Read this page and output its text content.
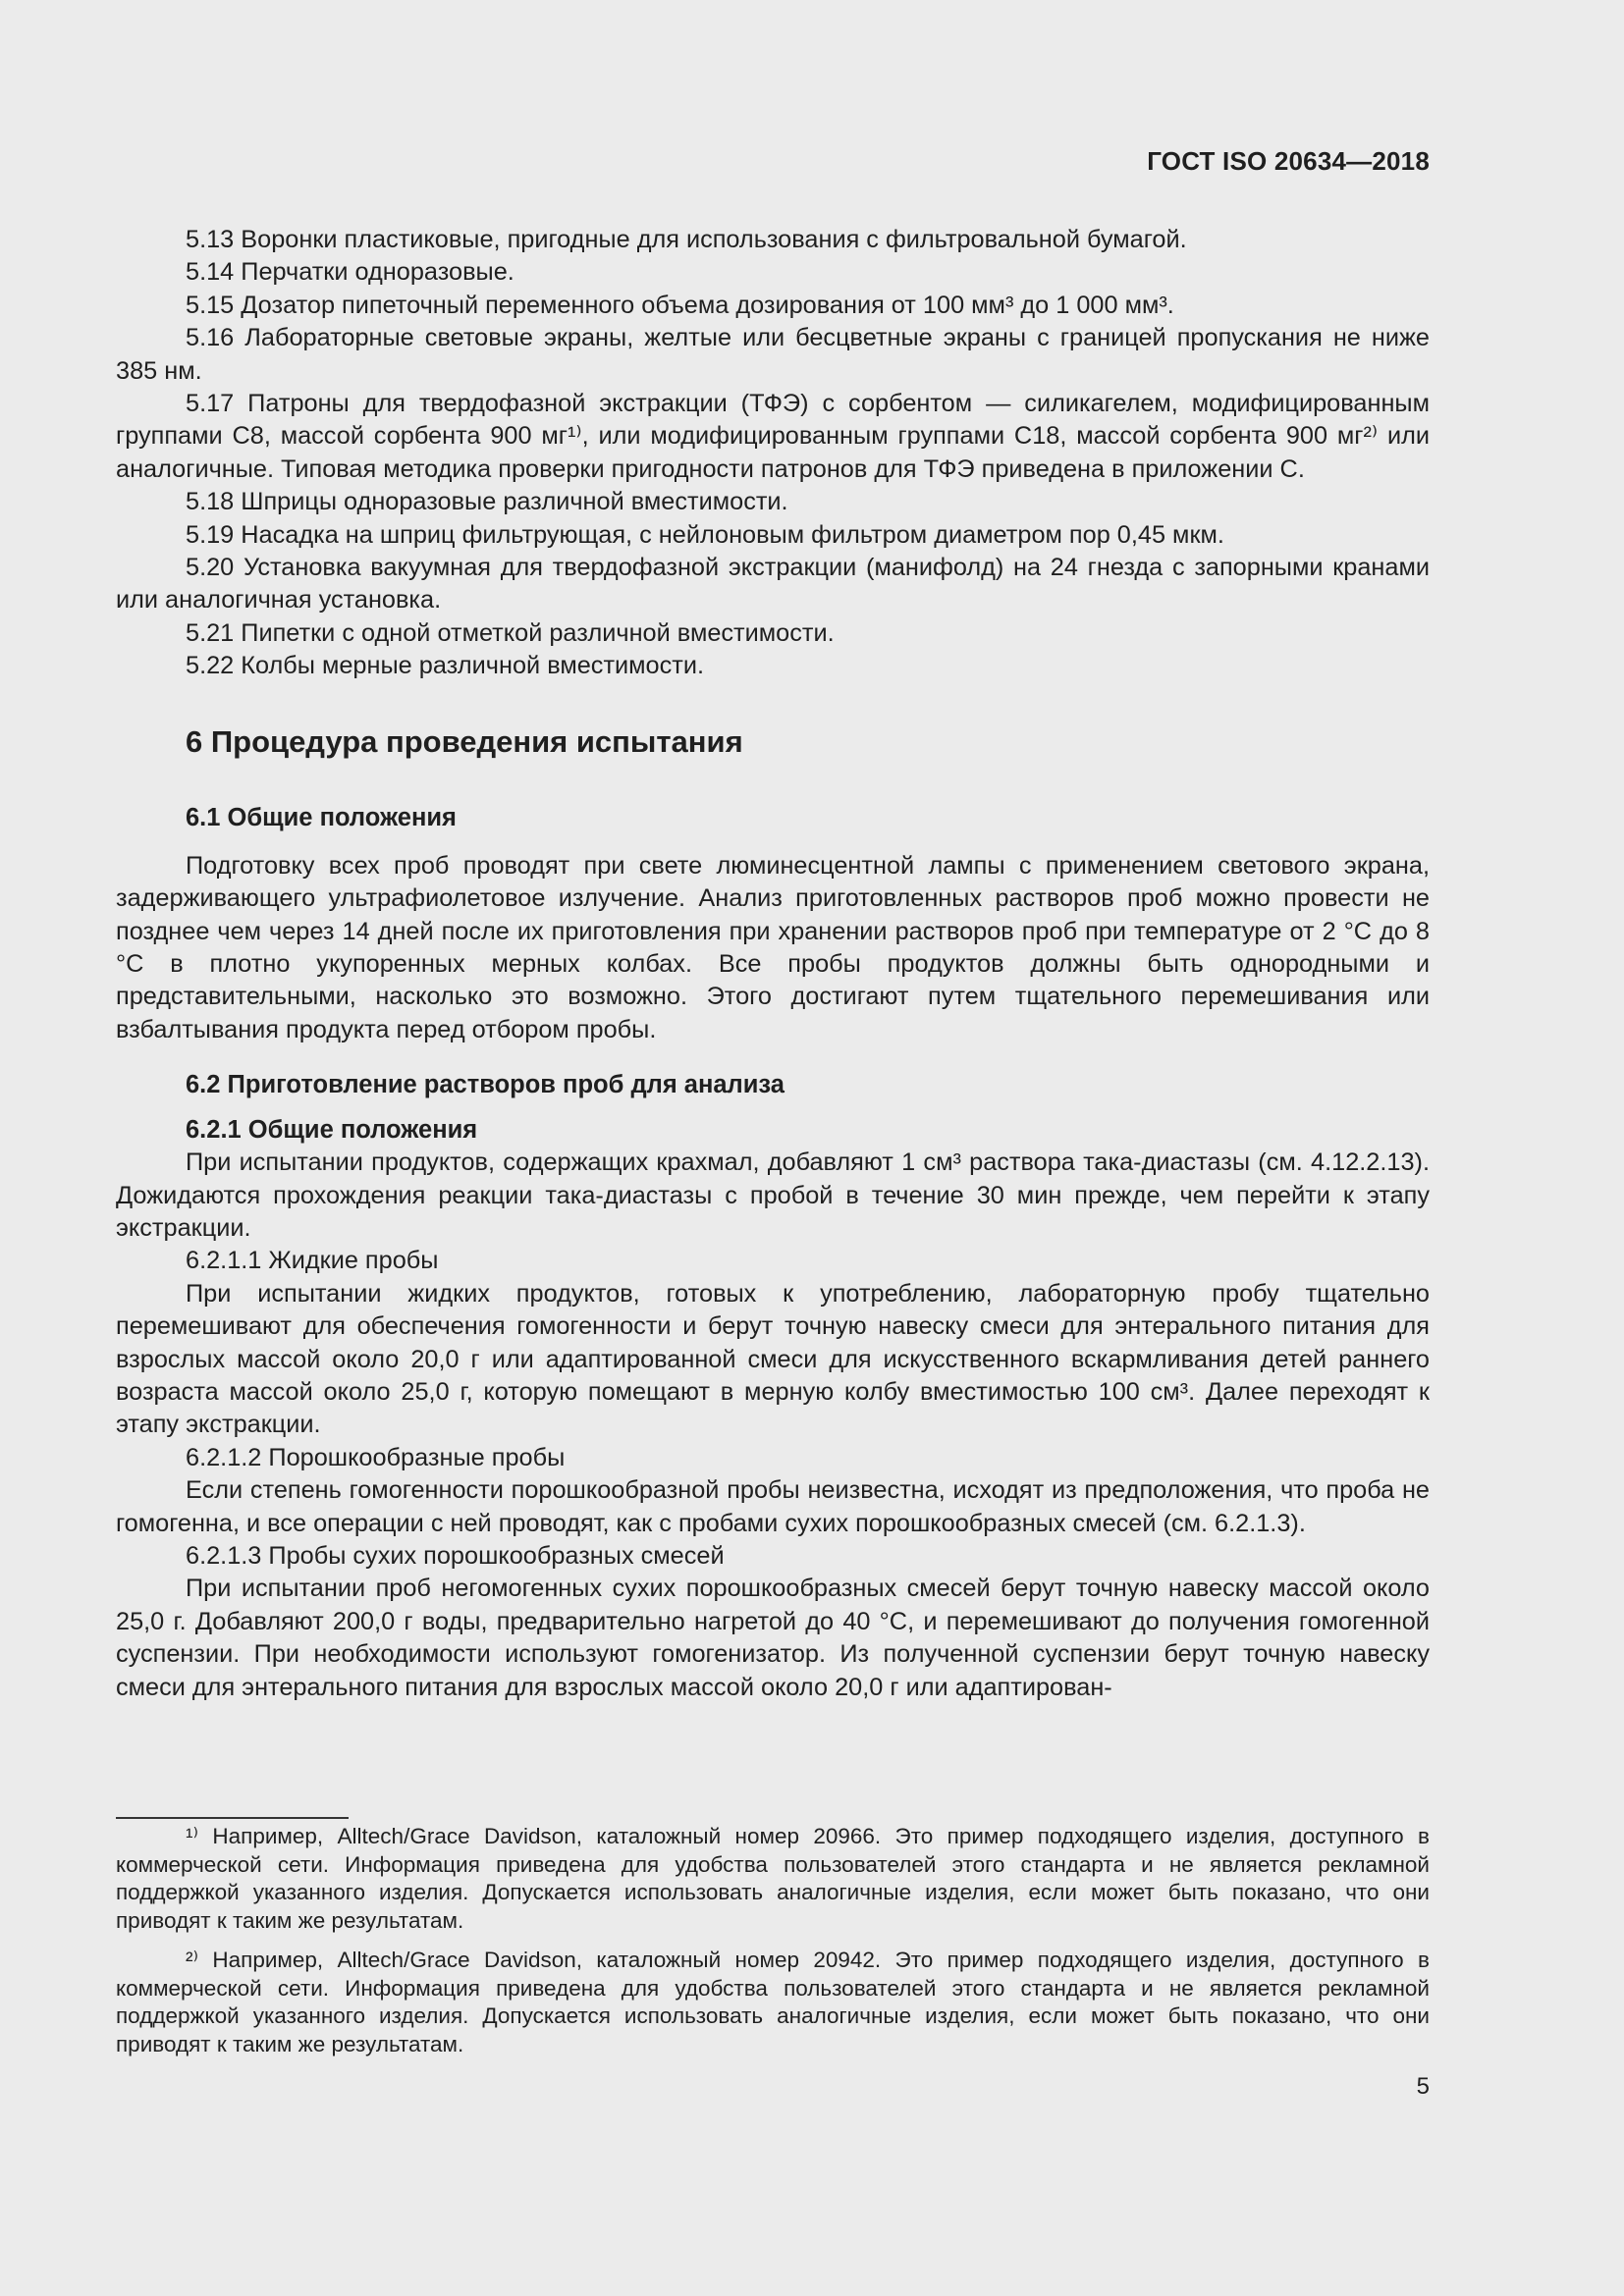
ГОСТ ISO 20634—2018

5.13 Воронки пластиковые, пригодные для использования с фильтровальной бумагой.

5.14 Перчатки одноразовые.

5.15 Дозатор пипеточный переменного объема дозирования от 100 мм³ до 1 000 мм³.

5.16 Лабораторные световые экраны, желтые или бесцветные экраны с границей пропускания не ниже 385 нм.

5.17 Патроны для твердофазной экстракции (ТФЭ) с сорбентом — силикагелем, модифицированным группами С8, массой сорбента 900 мг¹⁾, или модифицированным группами С18, массой сорбента 900 мг²⁾ или аналогичные. Типовая методика проверки пригодности патронов для ТФЭ приведена в приложении С.

5.18 Шприцы одноразовые различной вместимости.

5.19 Насадка на шприц фильтрующая, с нейлоновым фильтром диаметром пор 0,45 мкм.

5.20 Установка вакуумная для твердофазной экстракции (манифолд) на 24 гнезда с запорными кранами или аналогичная установка.

5.21 Пипетки с одной отметкой различной вместимости.

5.22 Колбы мерные различной вместимости.

6 Процедура проведения испытания
6.1 Общие положения

Подготовку всех проб проводят при свете люминесцентной лампы с применением светового экрана, задерживающего ультрафиолетовое излучение. Анализ приготовленных растворов проб можно провести не позднее чем через 14 дней после их приготовления при хранении растворов проб при температуре от 2 °С до 8 °С в плотно укупоренных мерных колбах. Все пробы продуктов должны быть однородными и представительными, насколько это возможно. Этого достигают путем тщательного перемешивания или взбалтывания продукта перед отбором пробы.

6.2 Приготовление растворов проб для анализа
6.2.1 Общие положения

При испытании продуктов, содержащих крахмал, добавляют 1 см³ раствора така-диастазы (см. 4.12.2.13). Дожидаются прохождения реакции така-диастазы с пробой в течение 30 мин прежде, чем перейти к этапу экстракции.

6.2.1.1 Жидкие пробы

При испытании жидких продуктов, готовых к употреблению, лабораторную пробу тщательно перемешивают для обеспечения гомогенности и берут точную навеску смеси для энтерального питания для взрослых массой около 20,0 г или адаптированной смеси для искусственного вскармливания детей раннего возраста массой около 25,0 г, которую помещают в мерную колбу вместимостью 100 см³. Далее переходят к этапу экстракции.

6.2.1.2 Порошкообразные пробы

Если степень гомогенности порошкообразной пробы неизвестна, исходят из предположения, что проба не гомогенна, и все операции с ней проводят, как с пробами сухих порошкообразных смесей (см. 6.2.1.3).

6.2.1.3 Пробы сухих порошкообразных смесей

При испытании проб негомогенных сухих порошкообразных смесей берут точную навеску массой около 25,0 г. Добавляют 200,0 г воды, предварительно нагретой до 40 °С, и перемешивают до получения гомогенной суспензии. При необходимости используют гомогенизатор. Из полученной суспензии берут точную навеску смеси для энтерального питания для взрослых массой около 20,0 г или адаптирован-

¹⁾ Например, Alltech/Grace Davidson, каталожный номер 20966. Это пример подходящего изделия, доступного в коммерческой сети. Информация приведена для удобства пользователей этого стандарта и не является рекламной поддержкой указанного изделия. Допускается использовать аналогичные изделия, если может быть показано, что они приводят к таким же результатам.

²⁾ Например, Alltech/Grace Davidson, каталожный номер 20942. Это пример подходящего изделия, доступного в коммерческой сети. Информация приведена для удобства пользователей этого стандарта и не является рекламной поддержкой указанного изделия. Допускается использовать аналогичные изделия, если может быть показано, что они приводят к таким же результатам.

5
